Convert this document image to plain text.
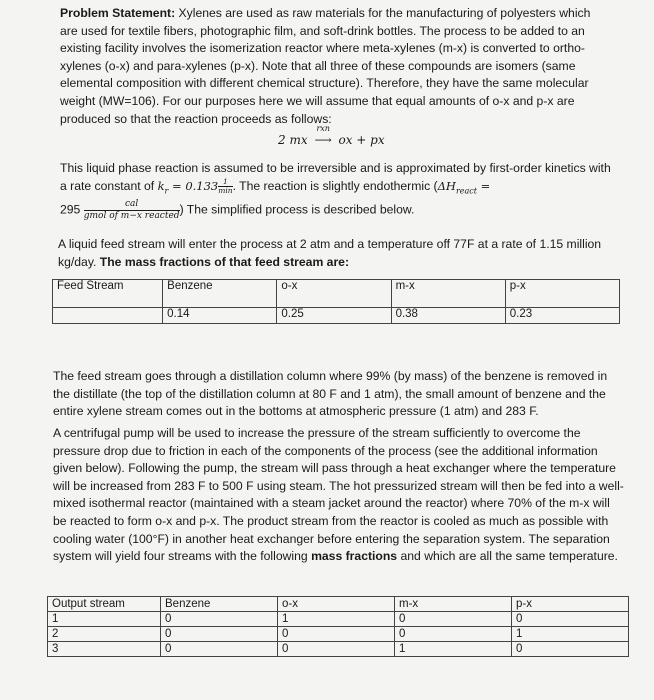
Problem Statement: Xylenes are used as raw materials for the manufacturing of polyesters which are used for textile fibers, photographic film, and soft-drink bottles. The process to be added to an existing facility involves the isomerization reactor where meta-xylenes (m-x) is converted to ortho-xylenes (o-x) and para-xylenes (p-x). Note that all three of these compounds are isomers (same elemental composition with different chemical structure). Therefore, they have the same molecular weight (MW=106). For our purposes here we will assume that equal amounts of o-x and p-x are produced so that the reaction proceeds as follows:

2 mx
rxn
⟶ ox + px

This liquid phase reaction is assumed to be irreversible and is approximated by first-order kinetics with a rate constant of $k_r = 0.133 \frac{1}{\min}$ . The reaction is slightly endothermic ($\Delta H_{react}$ =
$295 \frac{\text{cal}}{\text{gmol of m−x reacted}}$ ) The simplified process is described below.

A liquid feed stream will enter the process at 2 atm and a temperature off 77F at a rate of 1.15 million kg/day. The mass fractions of that feed stream are:

Feed Stream	Benzene	o-x	m-x	p-x
	0.14	0.25	0.38	0.23

The feed stream goes through a distillation column where 99% (by mass) of the benzene is removed in the distillate (the top of the distillation column at 80 F and 1 atm), the small amount of benzene and the entire xylene stream comes out in the bottoms at atmospheric pressure (1 atm) and 283 F.

A centrifugal pump will be used to increase the pressure of the stream sufficiently to overcome the pressure drop due to friction in each of the components of the process (see the additional information given below). Following the pump, the stream will pass through a heat exchanger where the temperature will be increased from 283 F to 500 F using steam. The hot pressurized stream will then be fed into a well-mixed isothermal reactor (maintained with a steam jacket around the reactor) where 70% of the m-x will be reacted to form o-x and p-x. The product stream from the reactor is cooled as much as possible with cooling water (100°F) in another heat exchanger before entering the separation system. The separation system will yield four streams with the following mass fractions and which are all the same temperature.

Output stream	Benzene	o-x	m-x	p-x
1	0	1	0	0
2	0	0	0	1
3	0	0	1	0
